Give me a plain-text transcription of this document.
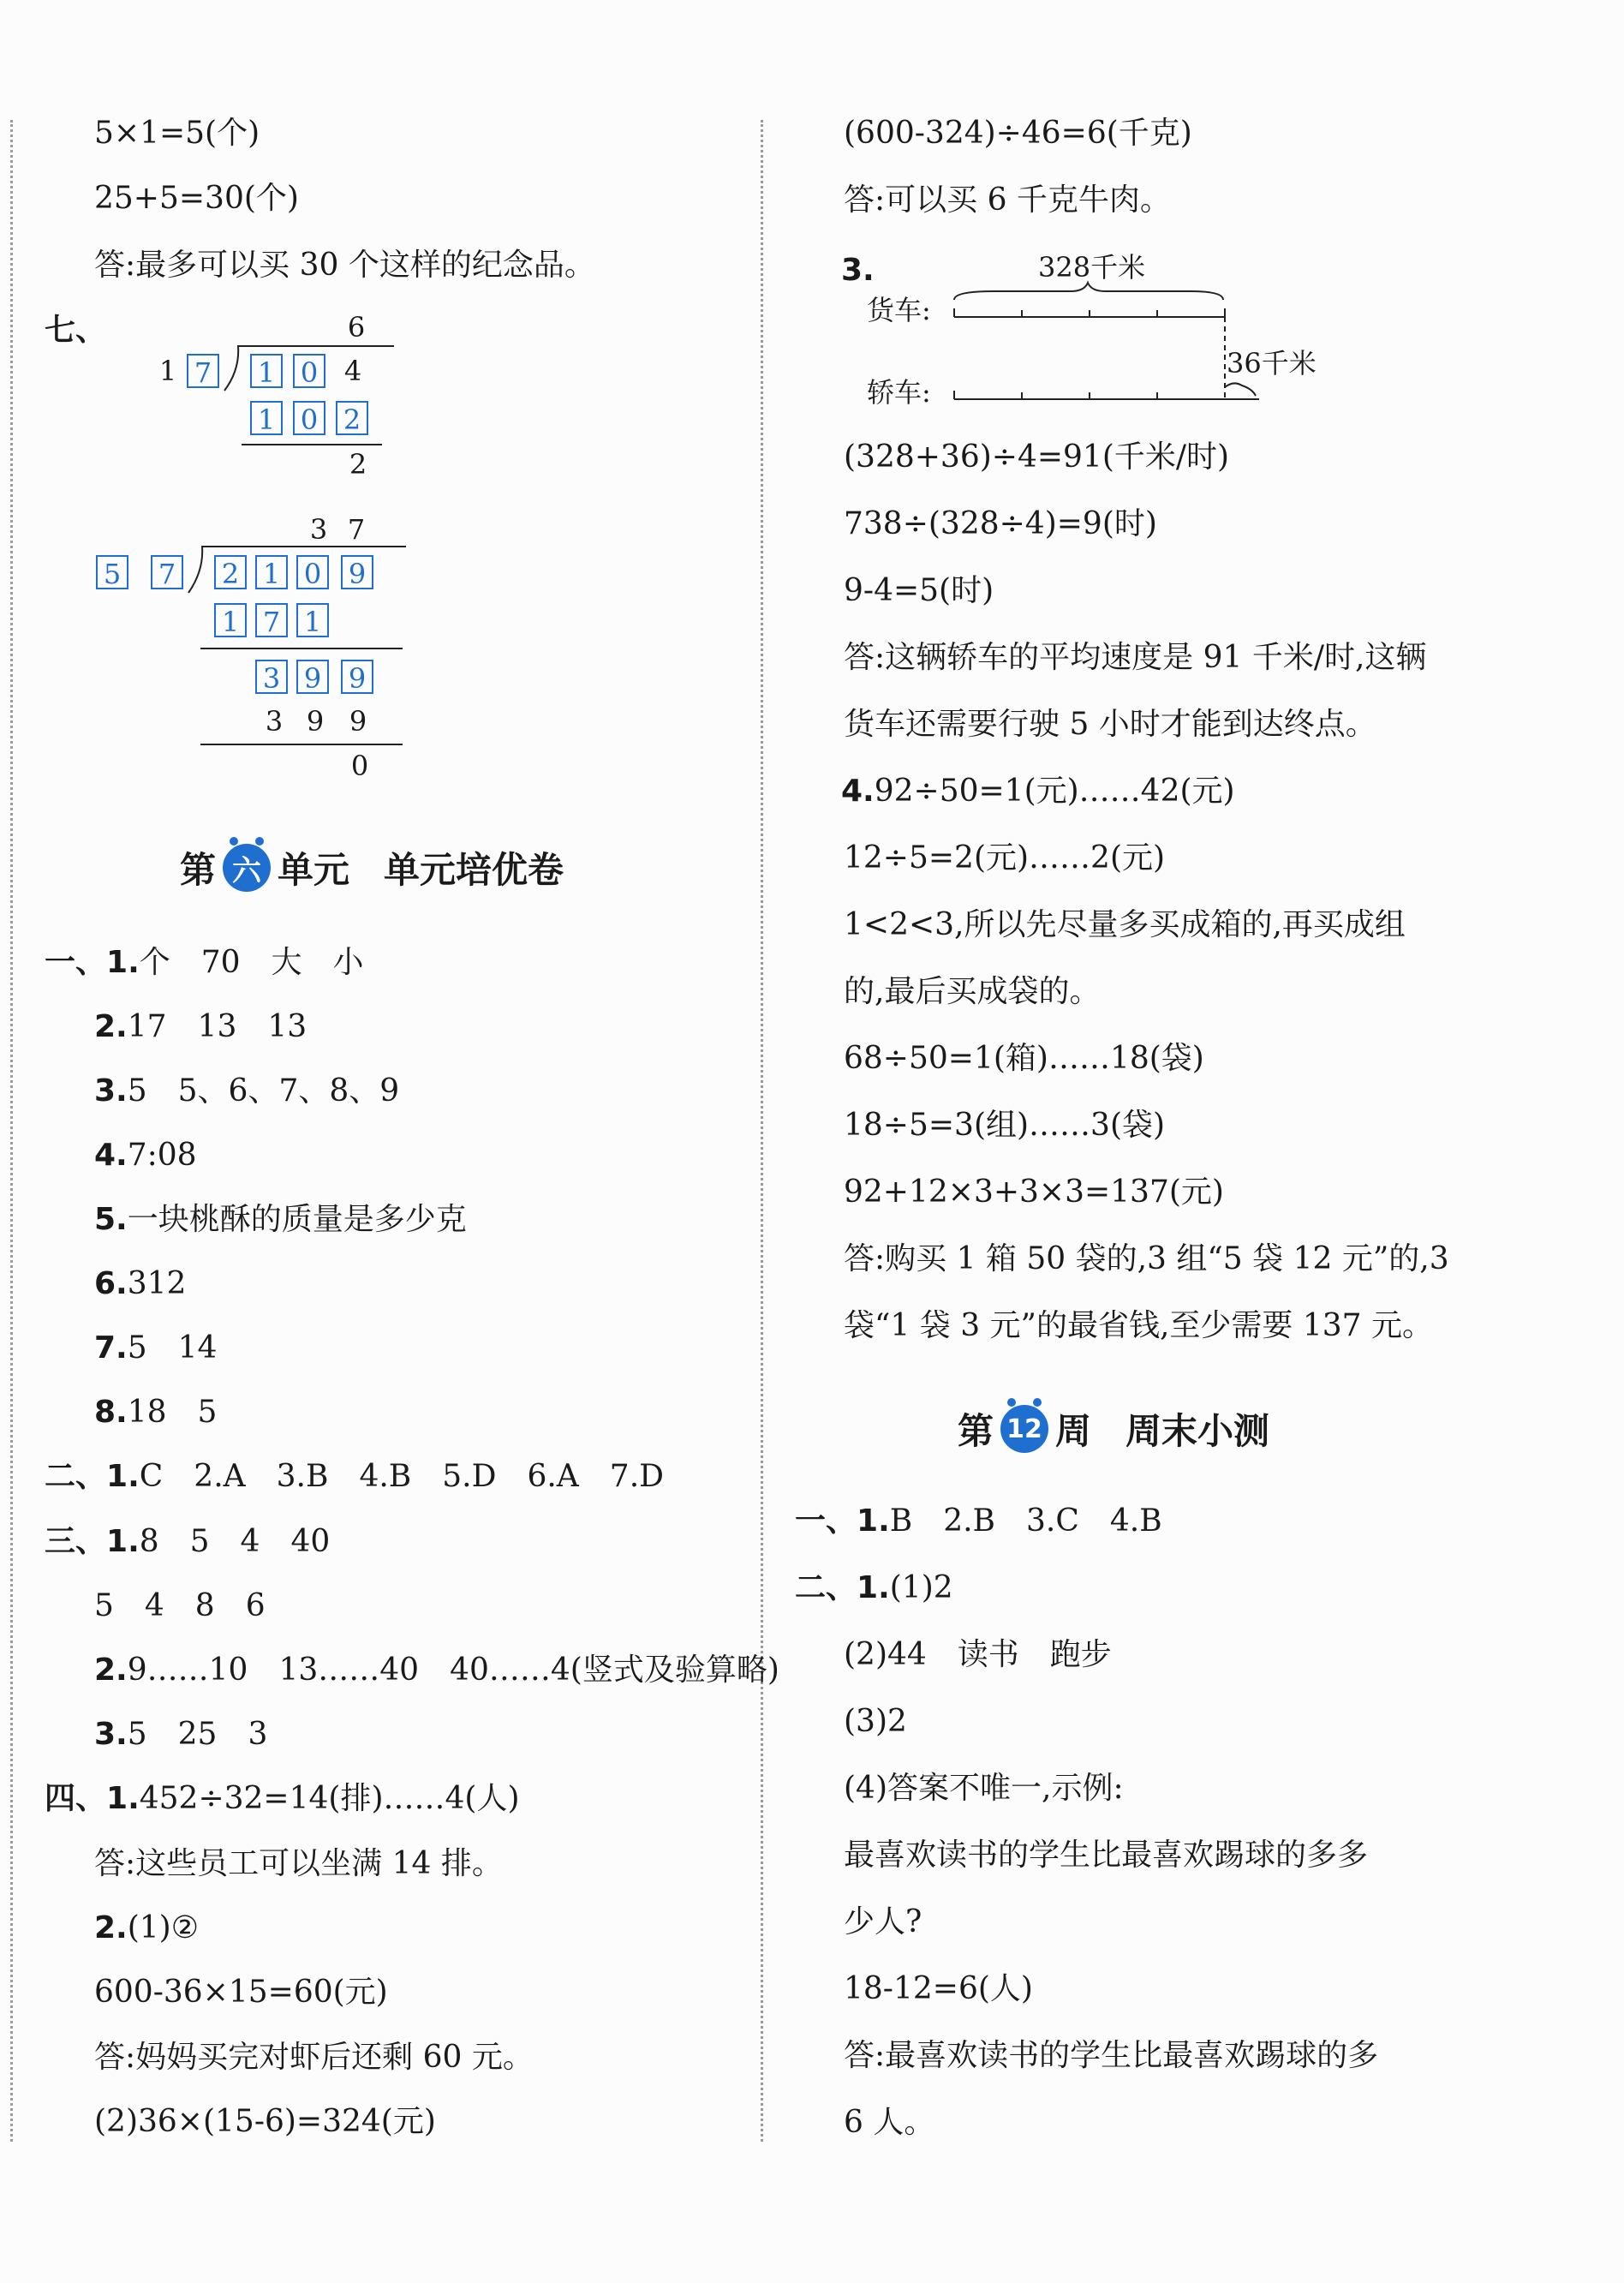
5×1=5(个)
25+5=30(个)
答:最多可以买 30 个这样的纪念品。
七、	6
1 7 1 0 4
1 0 2
2
3 7
5 7 2 1 0 9
1 7 1
3 9 9
3 9 9
0
第 六 单元 单元培优卷
一、1.个　70　大　小
2.17　13　13
3.5　5、6、7、8、9
4.7:08
5.一块桃酥的质量是多少克
6.312
7.5　14
8.18　5
二、1.C　2.A　3.B　4.B　5.D　6.A　7.D
三、1.8　5　4　40
5　4　8　6
2.9……10　13……40　40……4(竖式及验算略)
3.5　25　3
四、1.452÷32=14(排)……4(人)
答:这些员工可以坐满 14 排。
2.(1)②
600-36×15=60(元)
答:妈妈买完对虾后还剩 60 元。
(2)36×(15-6)=324(元)
(600-324)÷46=6(千克)
答:可以买 6 千克牛肉。
3.	328千米
货车:
轿车:
36千米
(328+36)÷4=91(千米/时)
738÷(328÷4)=9(时)
9-4=5(时)
答:这辆轿车的平均速度是 91 千米/时,这辆
货车还需要行驶 5 小时才能到达终点。
4.92÷50=1(元)……42(元)
12÷5=2(元)……2(元)
1<2<3,所以先尽量多买成箱的,再买成组
的,最后买成袋的。
68÷50=1(箱)……18(袋)
18÷5=3(组)……3(袋)
92+12×3+3×3=137(元)
答:购买 1 箱 50 袋的,3 组“5 袋 12 元”的,3
袋“1 袋 3 元”的最省钱,至少需要 137 元。
第 12 周 周末小测
一、1.B　2.B　3.C　4.B
二、1.(1)2
(2)44　读书　跑步
(3)2
(4)答案不唯一,示例:
最喜欢读书的学生比最喜欢踢球的多多
少人?
18-12=6(人)
答:最喜欢读书的学生比最喜欢踢球的多
6 人。
